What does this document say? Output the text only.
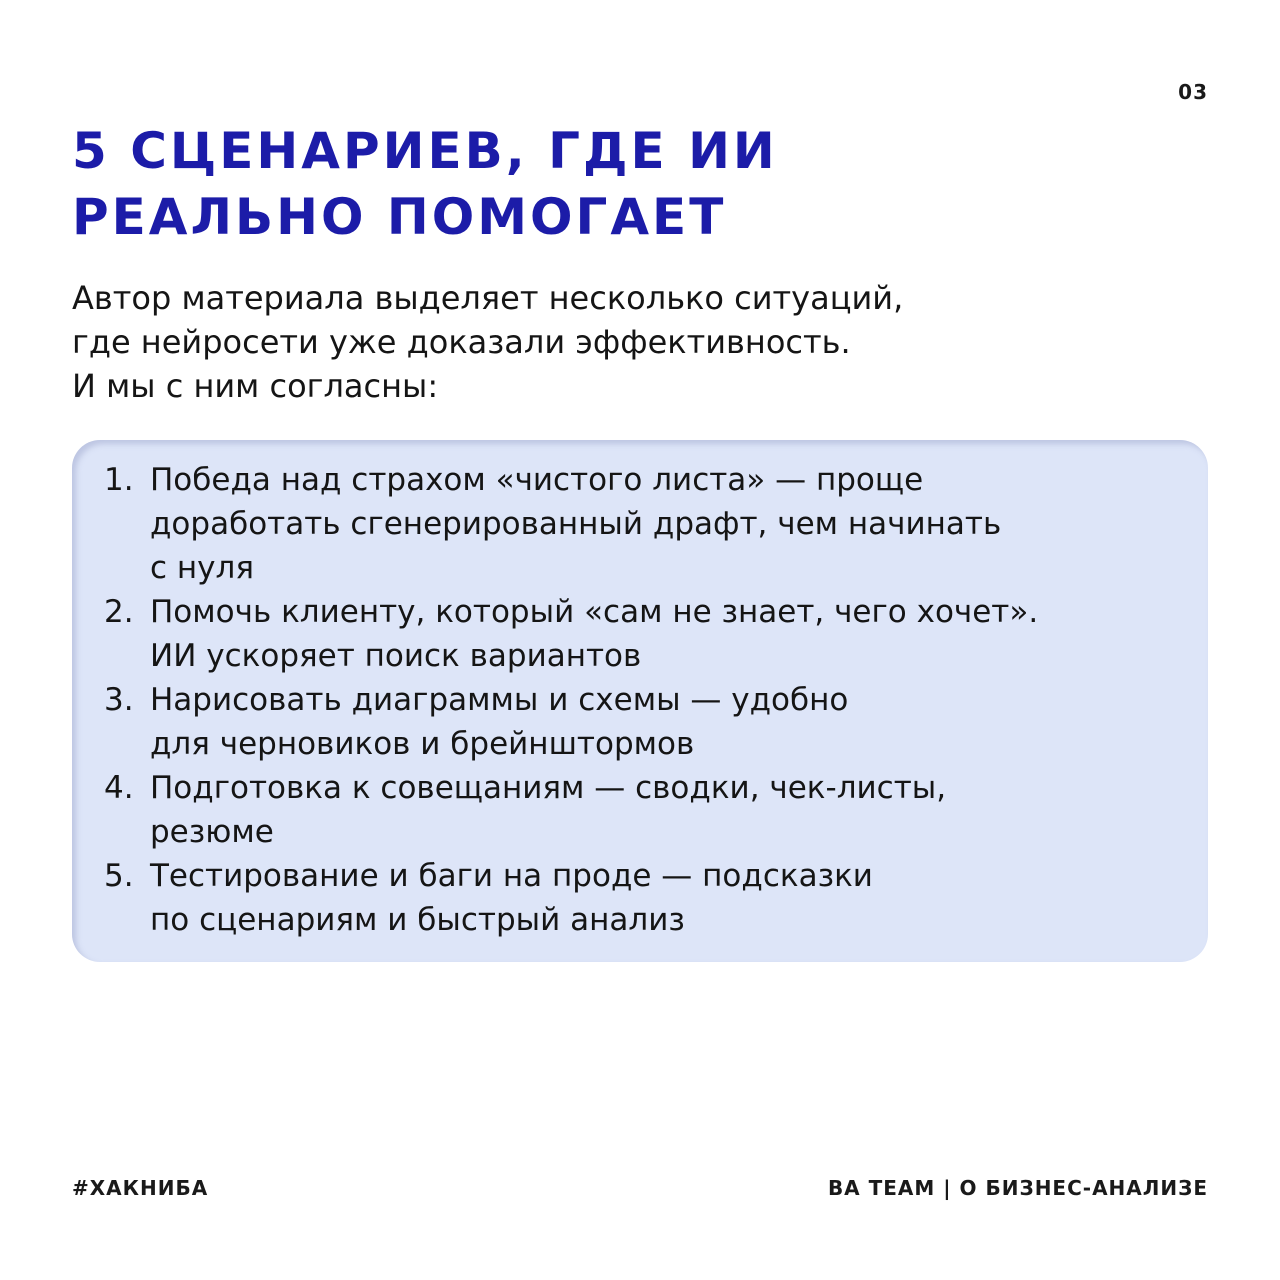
03
5 СЦЕНАРИЕВ, ГДЕ ИИ
РЕАЛЬНО ПОМОГАЕТ

Автор материала выделяет несколько ситуаций,
где нейросети уже доказали эффективность.
И мы с ним согласны:

1. Победа над страхом «чистого листа» — проще
доработать сгенерированный драфт, чем начинать
с нуля
2. Помочь клиенту, который «сам не знает, чего хочет».
ИИ ускоряет поиск вариантов
3. Нарисовать диаграммы и схемы — удобно
для черновиков и брейнштормов
4. Подготовка к совещаниям — сводки, чек-листы,
резюме
5. Тестирование и баги на проде — подсказки
по сценариям и быстрый анализ
#ХАКНИБА	BA TEAM | О БИЗНЕС-АНАЛИЗЕ
